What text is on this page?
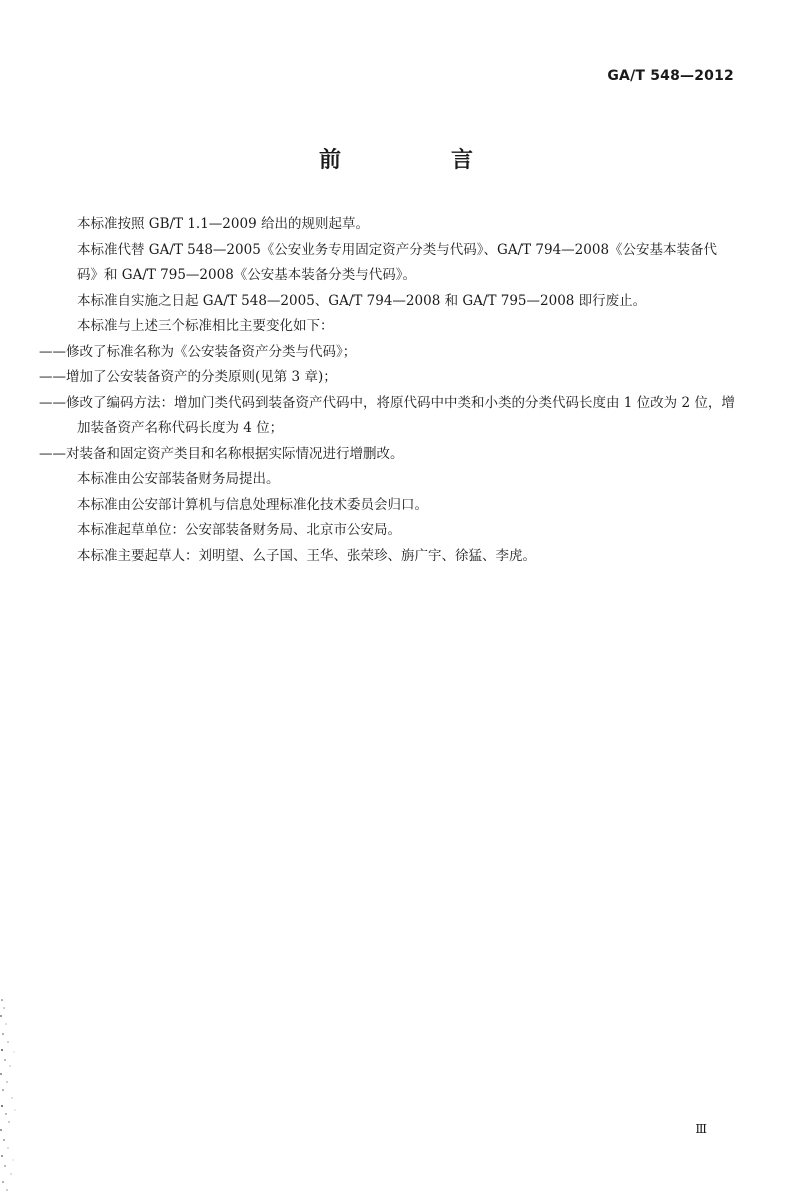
GA/T 548—2012
前　言

本标准按照 GB/T 1.1—2009 给出的规则起草。

本标准代替 GA/T 548—2005《公安业务专用固定资产分类与代码》、GA/T 794—2008《公安基本装备代码》和 GA/T 795—2008《公安基本装备分类与代码》。

本标准自实施之日起 GA/T 548—2005、GA/T 794—2008 和 GA/T 795—2008 即行废止。

本标准与上述三个标准相比主要变化如下：

——修改了标准名称为《公安装备资产分类与代码》；

——增加了公安装备资产的分类原则(见第 3 章)；

——修改了编码方法：增加门类代码到装备资产代码中，将原代码中中类和小类的分类代码长度由 1 位改为 2 位，增加装备资产名称代码长度为 4 位；

——对装备和固定资产类目和名称根据实际情况进行增删改。

本标准由公安部装备财务局提出。

本标准由公安部计算机与信息处理标准化技术委员会归口。

本标准起草单位：公安部装备财务局、北京市公安局。

本标准主要起草人：刘明望、么子国、王华、张荣珍、旃广宇、徐猛、李虎。

Ⅲ
